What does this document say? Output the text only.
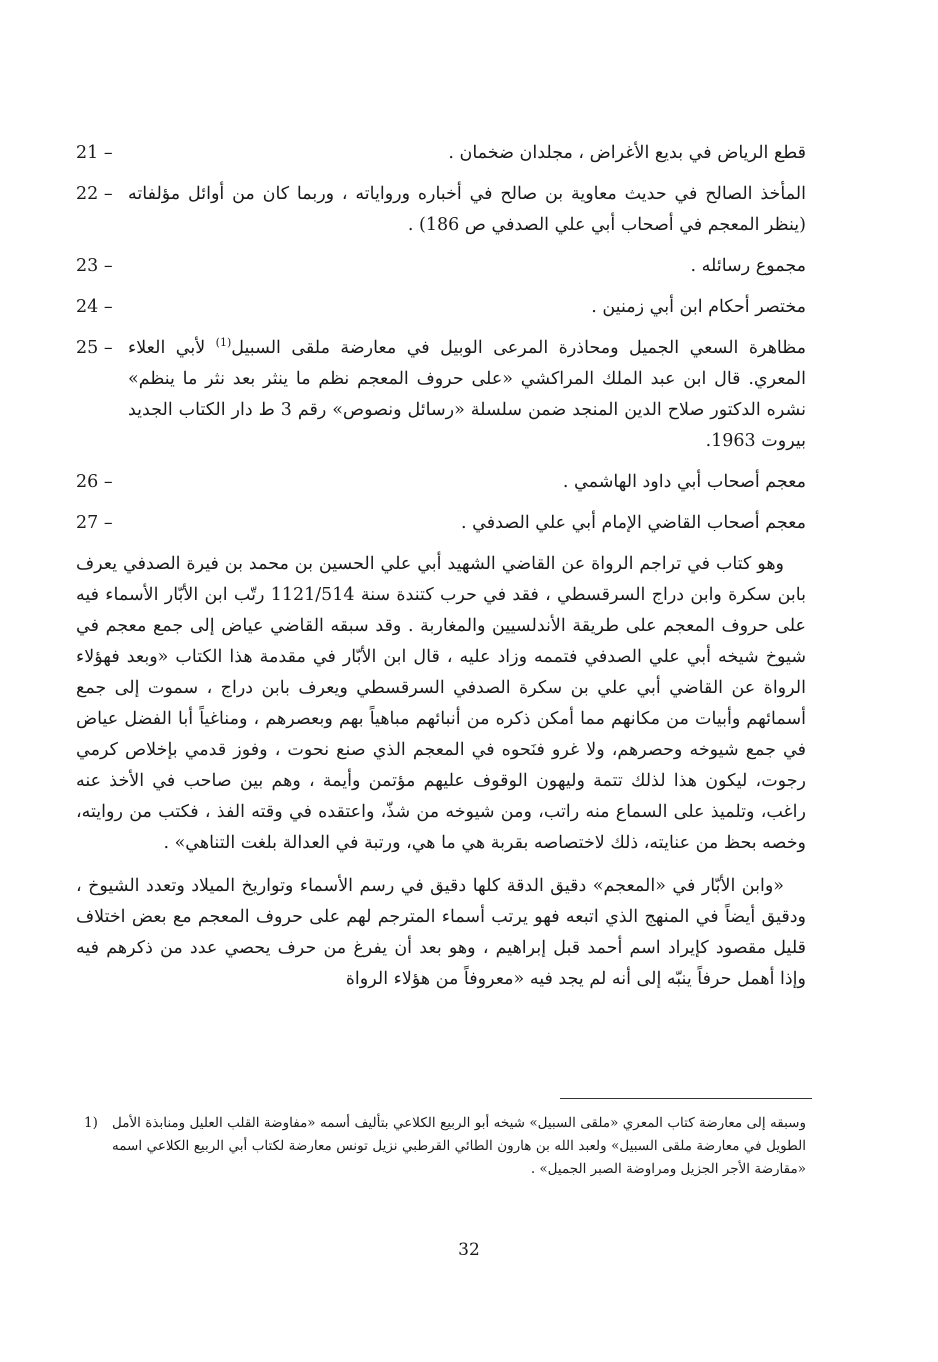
قطع الرياض في بديع الأغراض ، مجلدان ضخمان .
21 –
المأخذ الصالح في حديث معاوية بن صالح في أخباره ورواياته ، وربما كان من أوائل مؤلفاته (ينظر المعجم في أصحاب أبي علي الصدفي ص 186) .
22 –
مجموع رسائله .
23 –
مختصر أحكام ابن أبي زمنين .
24 –
مظاهرة السعي الجميل ومحاذرة المرعى الوبيل في معارضة ملقى السبيل$^{(1)}$ لأبي العلاء المعري. قال ابن عبد الملك المراكشي «على حروف المعجم نظم ما ينثر بعد نثر ما ينظم» نشره الدكتور صلاح الدين المنجد ضمن سلسلة «رسائل ونصوص» رقم 3 ط دار الكتاب الجديد بيروت 1963.
25 –
معجم أصحاب أبي داود الهاشمي .
26 –
معجم أصحاب القاضي الإمام أبي علي الصدفي .
27 –

وهو كتاب في تراجم الرواة عن القاضي الشهيد أبي علي الحسين بن محمد بن فيرة الصدفي يعرف بابن سكرة وابن دراج السرقسطي ، فقد في حرب كتندة سنة 1121/514 رتّب ابن الأبّار الأسماء فيه على حروف المعجم على طريقة الأندلسيين والمغاربة . وقد سبقه القاضي عياض إلى جمع معجم في شيوخ شيخه أبي علي الصدفي فتممه وزاد عليه ، قال ابن الأبّار في مقدمة هذا الكتاب «وبعد فهؤلاء الرواة عن القاضي أبي علي بن سكرة الصدفي السرقسطي ويعرف بابن دراج ، سموت إلى جمع أسمائهم وأبيات من مكانهم مما أمكن ذكره من أنبائهم مباهياً بهم وبعصرهم ، ومناغياً أبا الفضل عياض في جمع شيوخه وحصرهم، ولا غرو فنَحوه في المعجم الذي صنع نحوت ، وفوز قدمي بإخلاص كرمي رجوت، ليكون هذا لذلك تتمة وليهون الوقوف عليهم مؤتمن وأيمة ، وهم بين صاحب في الأخذ عنه راغب، وتلميذ على السماع منه راتب، ومن شيوخه من شذّ، واعتقده في وقته الفذ ، فكتب من روايته، وخصه بحظ من عنايته، ذلك لاختصاصه بقربة هي ما هي، ورتبة في العدالة بلغت التناهي» .

«وابن الأبّار في «المعجم» دقيق الدقة كلها دقيق في رسم الأسماء وتواريخ الميلاد وتعدد الشيوخ ، ودقيق أيضاً في المنهج الذي اتبعه فهو يرتب أسماء المترجم لهم على حروف المعجم مع بعض اختلاف قليل مقصود كإيراد اسم أحمد قبل إبراهيم ، وهو بعد أن يفرغ من حرف يحصي عدد من ذكرهم فيه وإذا أهمل حرفاً ينبّه إلى أنه لم يجد فيه «معروفاً من هؤلاء الرواة

وسبقه إلى معارضة كتاب المعري «ملقى السبيل» شيخه أبو الربيع الكلاعي بتأليف أسمه «مفاوضة القلب العليل ومنابذة الأمل الطويل في معارضة ملقى السبيل» ولعبد الله بن هارون الطائي القرطبي نزيل تونس معارضة لكتاب أبي الربيع الكلاعي اسمه «مقارضة الأجر الجزيل ومراوضة الصبر الجميل» .
1)
32
